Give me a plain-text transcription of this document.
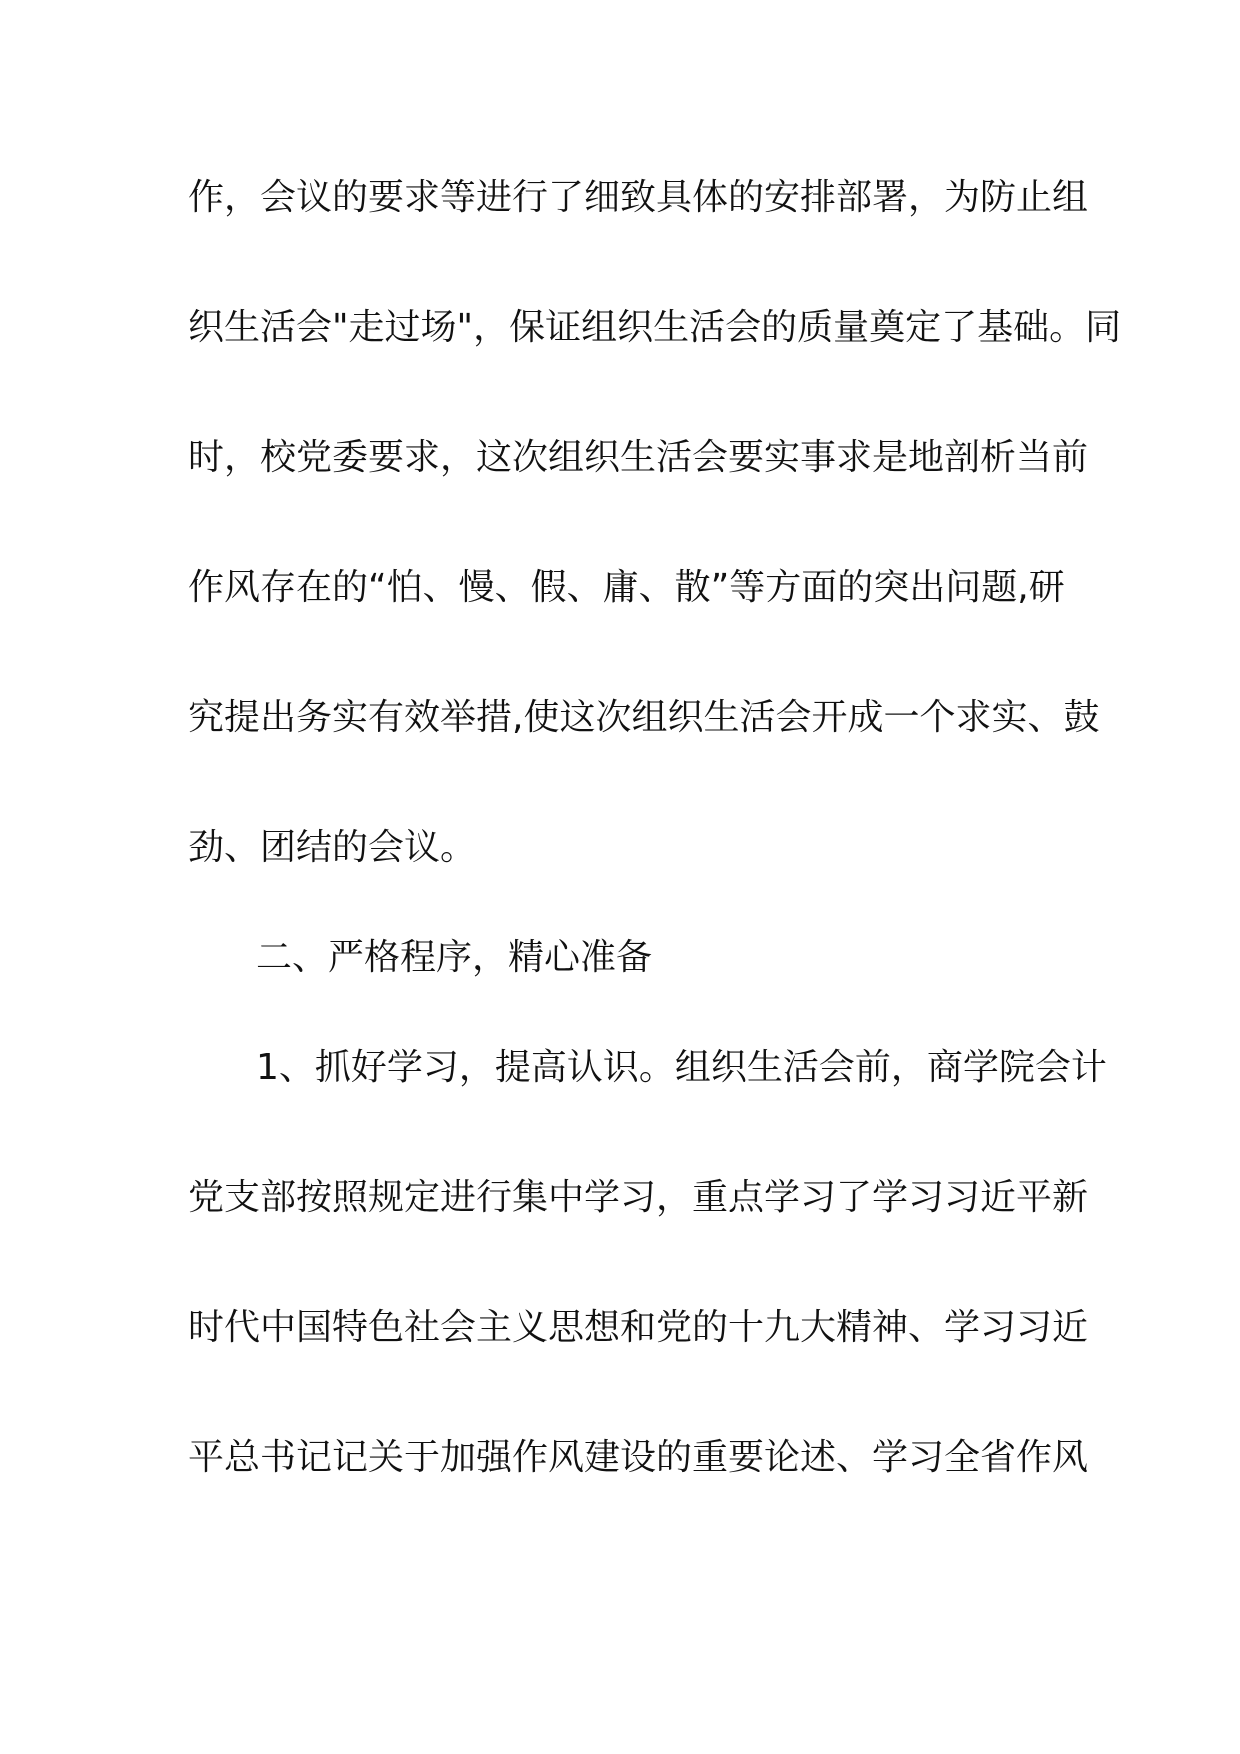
作，会议的要求等进行了细致具体的安排部署，为防止组
织生活会"走过场"，保证组织生活会的质量奠定了基础。同
时，校党委要求，这次组织生活会要实事求是地剖析当前
作风存在的“怕、慢、假、庸、散”等方面的突出问题,研
究提出务实有效举措,使这次组织生活会开成一个求实、鼓
劲、团结的会议。
二、严格程序，精心准备
1、抓好学习，提高认识。组织生活会前，商学院会计
党支部按照规定进行集中学习，重点学习了学习习近平新
时代中国特色社会主义思想和党的十九大精神、学习习近
平总书记记关于加强作风建设的重要论述、学习全省作风
